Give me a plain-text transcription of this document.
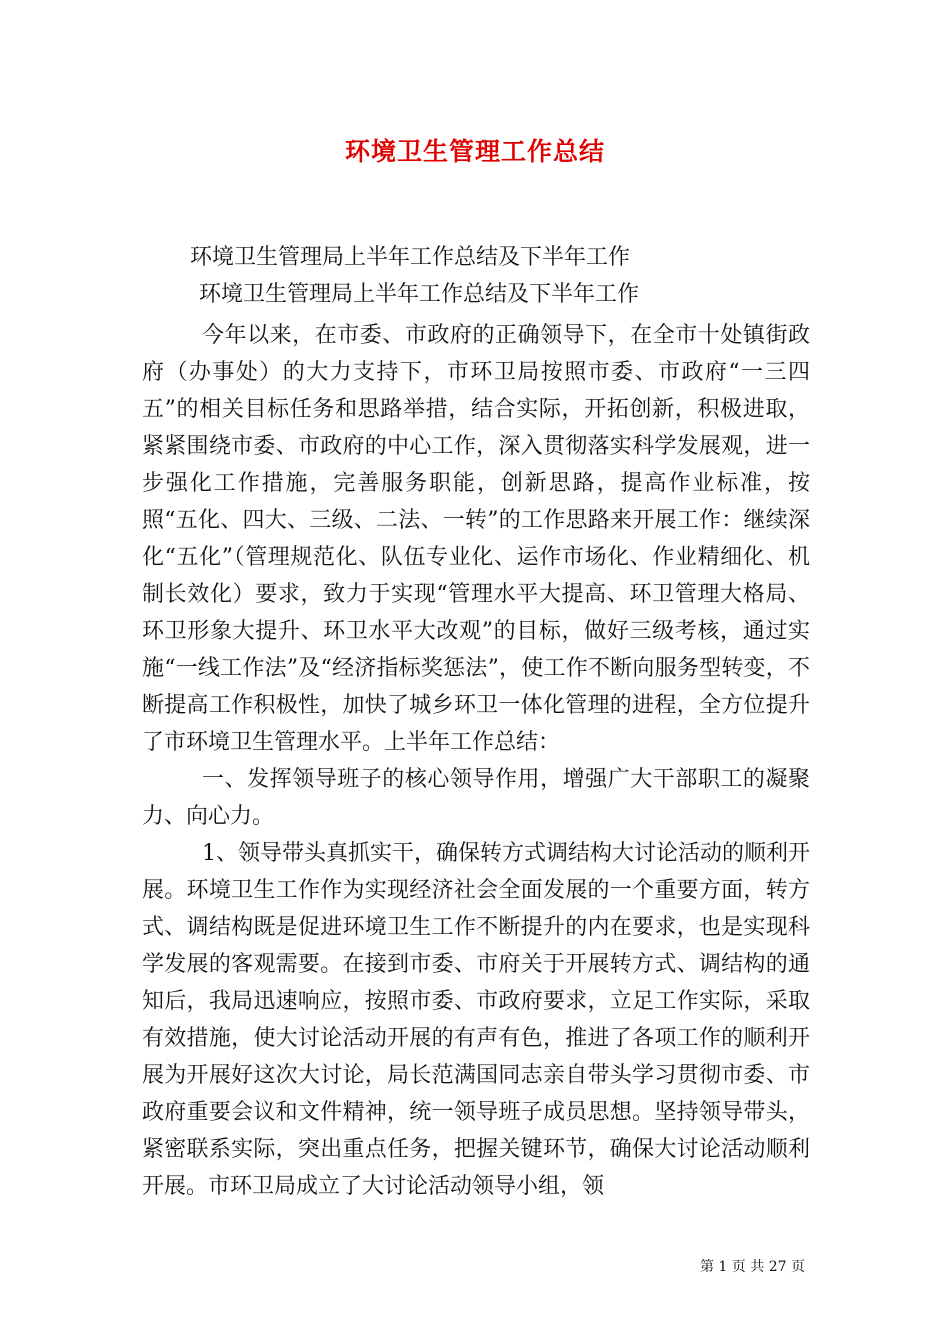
环境卫生管理工作总结
环境卫生管理局上半年工作总结及下半年工作
环境卫生管理局上半年工作总结及下半年工作

今年以来，在市委、市政府的正确领导下，在全市十处镇街政府（办事处）的大力支持下，市环卫局按照市委、市政府“一三四五”的相关目标任务和思路举措，结合实际，开拓创新，积极进取，紧紧围绕市委、市政府的中心工作，深入贯彻落实科学发展观，进一步强化工作措施，完善服务职能，创新思路，提高作业标准，按照“五化、四大、三级、二法、一转”的工作思路来开展工作：继续深化“五化”（管理规范化、队伍专业化、运作市场化、作业精细化、机制长效化）要求，致力于实现“管理水平大提高、环卫管理大格局、环卫形象大提升、环卫水平大改观”的目标，做好三级考核，通过实施“一线工作法”及“经济指标奖惩法”，使工作不断向服务型转变，不断提高工作积极性，加快了城乡环卫一体化管理的进程，全方位提升了市环境卫生管理水平。上半年工作总结：

一、发挥领导班子的核心领导作用，增强广大干部职工的凝聚力、向心力。

1、领导带头真抓实干，确保转方式调结构大讨论活动的顺利开展。环境卫生工作作为实现经济社会全面发展的一个重要方面，转方式、调结构既是促进环境卫生工作不断提升的内在要求，也是实现科学发展的客观需要。在接到市委、市府关于开展转方式、调结构的通知后，我局迅速响应，按照市委、市政府要求，立足工作实际，采取有效措施，使大讨论活动开展的有声有色，推进了各项工作的顺利开展为开展好这次大讨论，局长范满国同志亲自带头学习贯彻市委、市政府重要会议和文件精神，统一领导班子成员思想。坚持领导带头，紧密联系实际，突出重点任务，把握关键环节，确保大讨论活动顺利开展。市环卫局成立了大讨论活动领导小组，领

第 1 页 共 27 页
